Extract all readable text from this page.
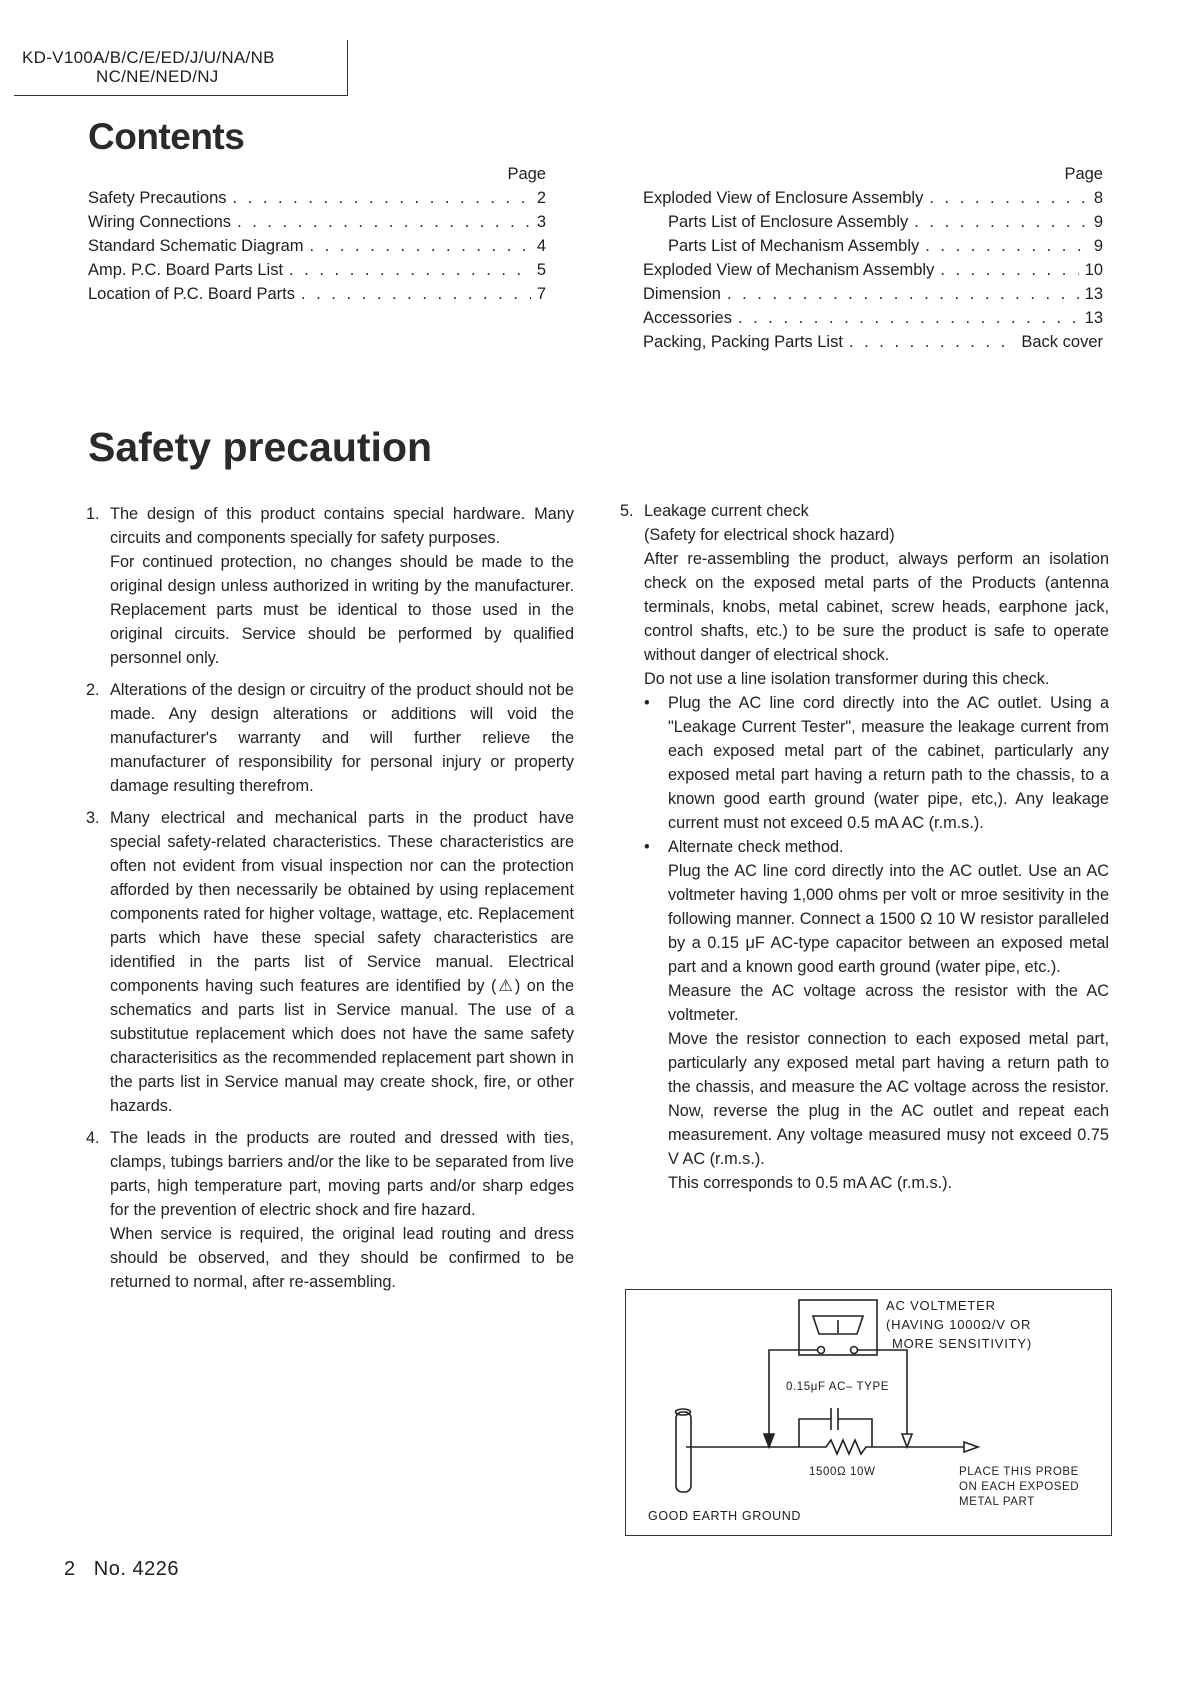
KD-V100A/B/C/E/ED/J/U/NA/NB
NC/NE/NED/NJ
Contents
Page
Safety Precautions . . .	2
Wiring Connections . . .	3
Standard Schematic Diagram . . .	4
Amp. P.C. Board Parts List . . .	5
Location of P.C. Board Parts . . .	7
Page
Exploded View of Enclosure Assembly . . .	8
Parts List of Enclosure Assembly . . .	9
Parts List of Mechanism Assembly . . .	9
Exploded View of Mechanism Assembly . . .	10
Dimension . . .	13
Accessories . . .	13
Packing, Packing Parts List . . .	Back cover
Safety precaution
1. The design of this product contains special hardware. Many circuits and components specially for safety purposes.

For continued protection, no changes should be made to the original design unless authorized in writing by the manufacturer. Replacement parts must be identical to those used in the original circuits. Service should be performed by qualified personnel only.

2. Alterations of the design or circuitry of the product should not be made. Any design alterations or additions will void the manufacturer's warranty and will further relieve the manufacturer of responsibility for personal injury or property damage resulting therefrom.

3. Many electrical and mechanical parts in the product have special safety-related characteristics. These characteristics are often not evident from visual inspection nor can the protection afforded by then necessarily be obtained by using replacement components rated for higher voltage, wattage, etc. Replacement parts which have these special safety characteristics are identified in the parts list of Service manual. Electrical components having such features are identified by (⚠) on the schematics and parts list in Service manual. The use of a substitutue replacement which does not have the same safety characterisitics as the recommended replacement part shown in the parts list in Service manual may create shock, fire, or other hazards.

4. The leads in the products are routed and dressed with ties, clamps, tubings barriers and/or the like to be separated from live parts, high temperature part, moving parts and/or sharp edges for the prevention of electric shock and fire hazard.

When service is required, the original lead routing and dress should be observed, and they should be confirmed to be returned to normal, after re-assembling.

5. Leakage current check

(Safety for electrical shock hazard)

After re-assembling the product, always perform an isolation check on the exposed metal parts of the Products (antenna terminals, knobs, metal cabinet, screw heads, earphone jack, control shafts, etc.) to be sure the product is safe to operate without danger of electrical shock.

Do not use a line isolation transformer during this check.

•	Plug the AC line cord directly into the AC outlet. Using a "Leakage Current Tester", measure the leakage current from each exposed metal part of the cabinet, particularly any exposed metal part having a return path to the chassis, to a known good earth ground (water pipe, etc,). Any leakage current must not exceed 0.5 mA AC (r.m.s.).

•	Alternate check method.

Plug the AC line cord directly into the AC outlet. Use an AC voltmeter having 1,000 ohms per volt or mroe sesitivity in the following manner. Connect a 1500 Ω 10 W resistor paralleled by a 0.15 μF AC-type capacitor between an exposed metal part and a known good earth ground (water pipe, etc.).

Measure the AC voltage across the resistor with the AC voltmeter.

Move the resistor connection to each exposed metal part, particularly any exposed metal part having a return path to the chassis, and measure the AC voltage across the resistor. Now, reverse the plug in the AC outlet and repeat each measurement. Any voltage measured musy not exceed 0.75 V AC (r.m.s.).

This corresponds to 0.5 mA AC (r.m.s.).

AC VOLTMETER
(HAVING 1000Ω/V OR
MORE SENSITIVITY)
0.15μF AC– TYPE
1500Ω 10W	PLACE THIS PROBE
ON EACH EXPOSED
METAL PART
GOOD EARTH GROUND
2 No. 4226
